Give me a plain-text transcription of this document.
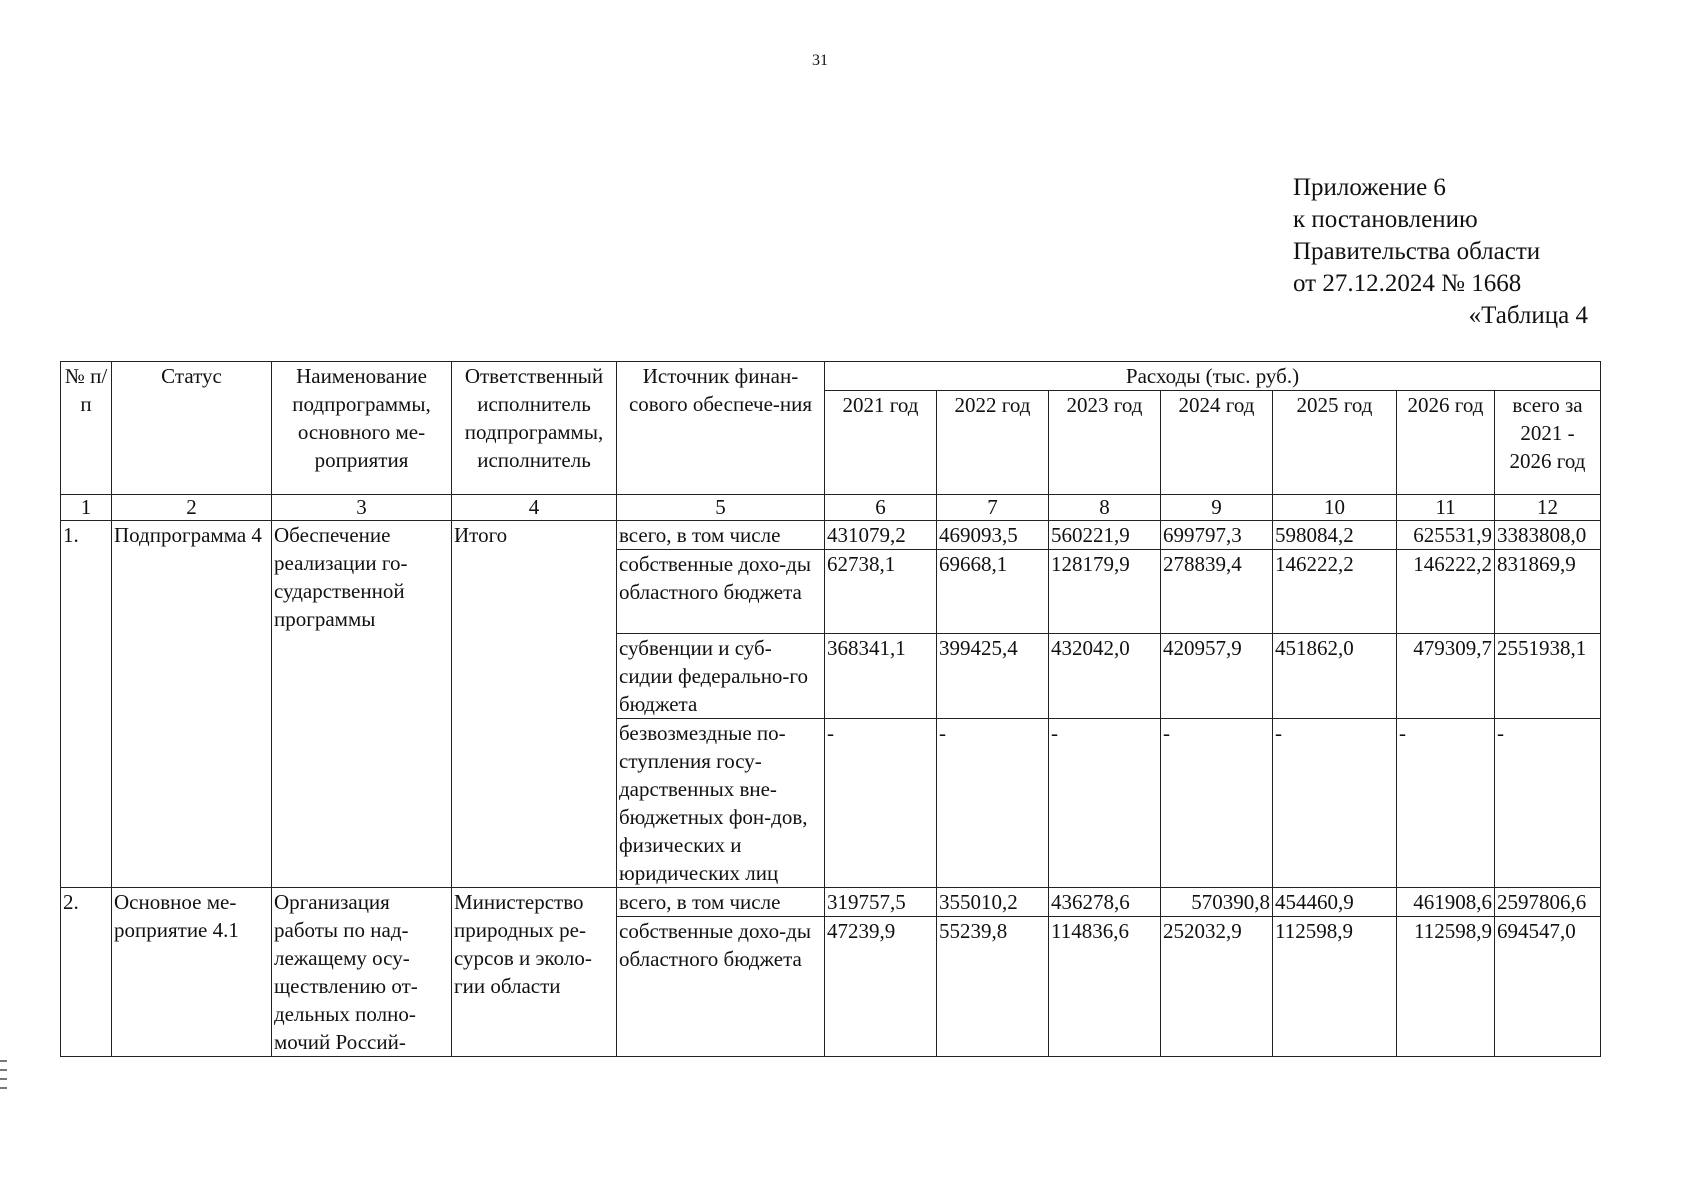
31
Приложение 6
к постановлению
Правительства области
от 27.12.2024 № 1668
«Таблица 4
№ п/п	Статус	Наименование подпрограммы, основного ме-роприятия	Ответственный исполнитель подпрограммы, исполнитель	Источник финан-сового обеспече-ния	Расходы (тыс. руб.)						
					2021 год	2022 год	2023 год	2024 год	2025 год	2026 год	всего за 2021 - 2026 год
1	2	3	4	5	6	7	8	9	10	11	12
1.	Подпрограмма 4	Обеспечение реализации го-сударственной программы	Итого	всего, в том числе	431079,2	469093,5	560221,9	699797,3	598084,2	625531,9	3383808,0
				собственные дохо-ды областного бюджета	62738,1	69668,1	128179,9	278839,4	146222,2	146222,2	831869,9
				субвенции и суб-сидии федерально-го бюджета	368341,1	399425,4	432042,0	420957,9	451862,0	479309,7	2551938,1
				безвозмездные по-ступления госу-дарственных вне-бюджетных фон-дов, физических и юридических лиц	-	-	-	-	-	-	-
2.	Основное ме-роприятие 4.1	Организация работы по над-лежащему осу-ществлению от-дельных полно-мочий Россий-	Министерство природных ре-сурсов и эколо-гии области	всего, в том числе	319757,5	355010,2	436278,6	570390,8	454460,9	461908,6	2597806,6
				собственные дохо-ды областного бюджета	47239,9	55239,8	114836,6	252032,9	112598,9	112598,9	694547,0
